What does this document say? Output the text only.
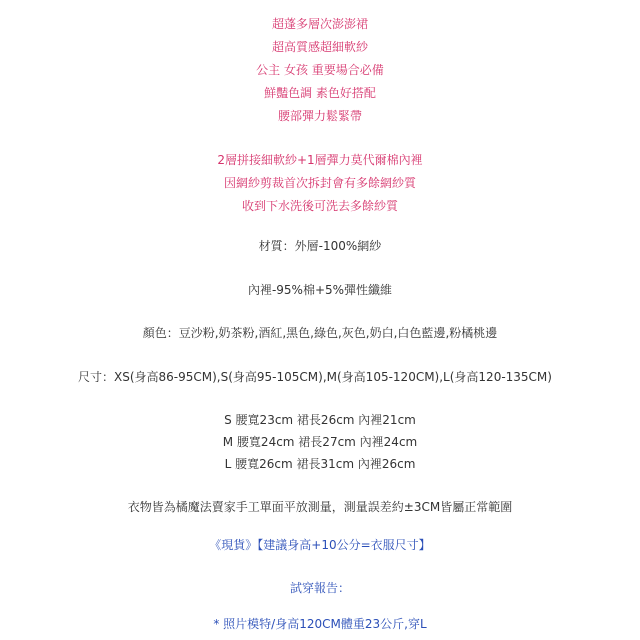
超蓬多層次澎澎裙
超高質感超細軟紗
公主 女孩 重要場合必備
鮮豔色調 素色好搭配
腰部彈力鬆緊帶
2層拼接細軟紗+1層彈力莫代爾棉內裡
因網紗剪裁首次拆封會有多餘網紗質
收到下水洗後可洗去多餘紗質
材質：外層-100%網紗
內裡-95%棉+5%彈性纖維
顏色：豆沙粉,奶茶粉,酒紅,黑色,綠色,灰色,奶白,白色藍邊,粉橘桃邊
尺寸：XS(身高86-95CM),S(身高95-105CM),M(身高105-120CM),L(身高120-135CM)
S 腰寬23cm 裙長26cm 內裡21cm
M 腰寬24cm 裙長27cm 內裡24cm
L 腰寬26cm 裙長31cm 內裡26cm
衣物皆為橘魔法賣家手工單面平放測量，測量誤差約±3CM皆屬正常範圍
《現貨》【建議身高+10公分=衣服尺寸】
試穿報告：
* 照片模特/身高120CM體重23公斤,穿L
